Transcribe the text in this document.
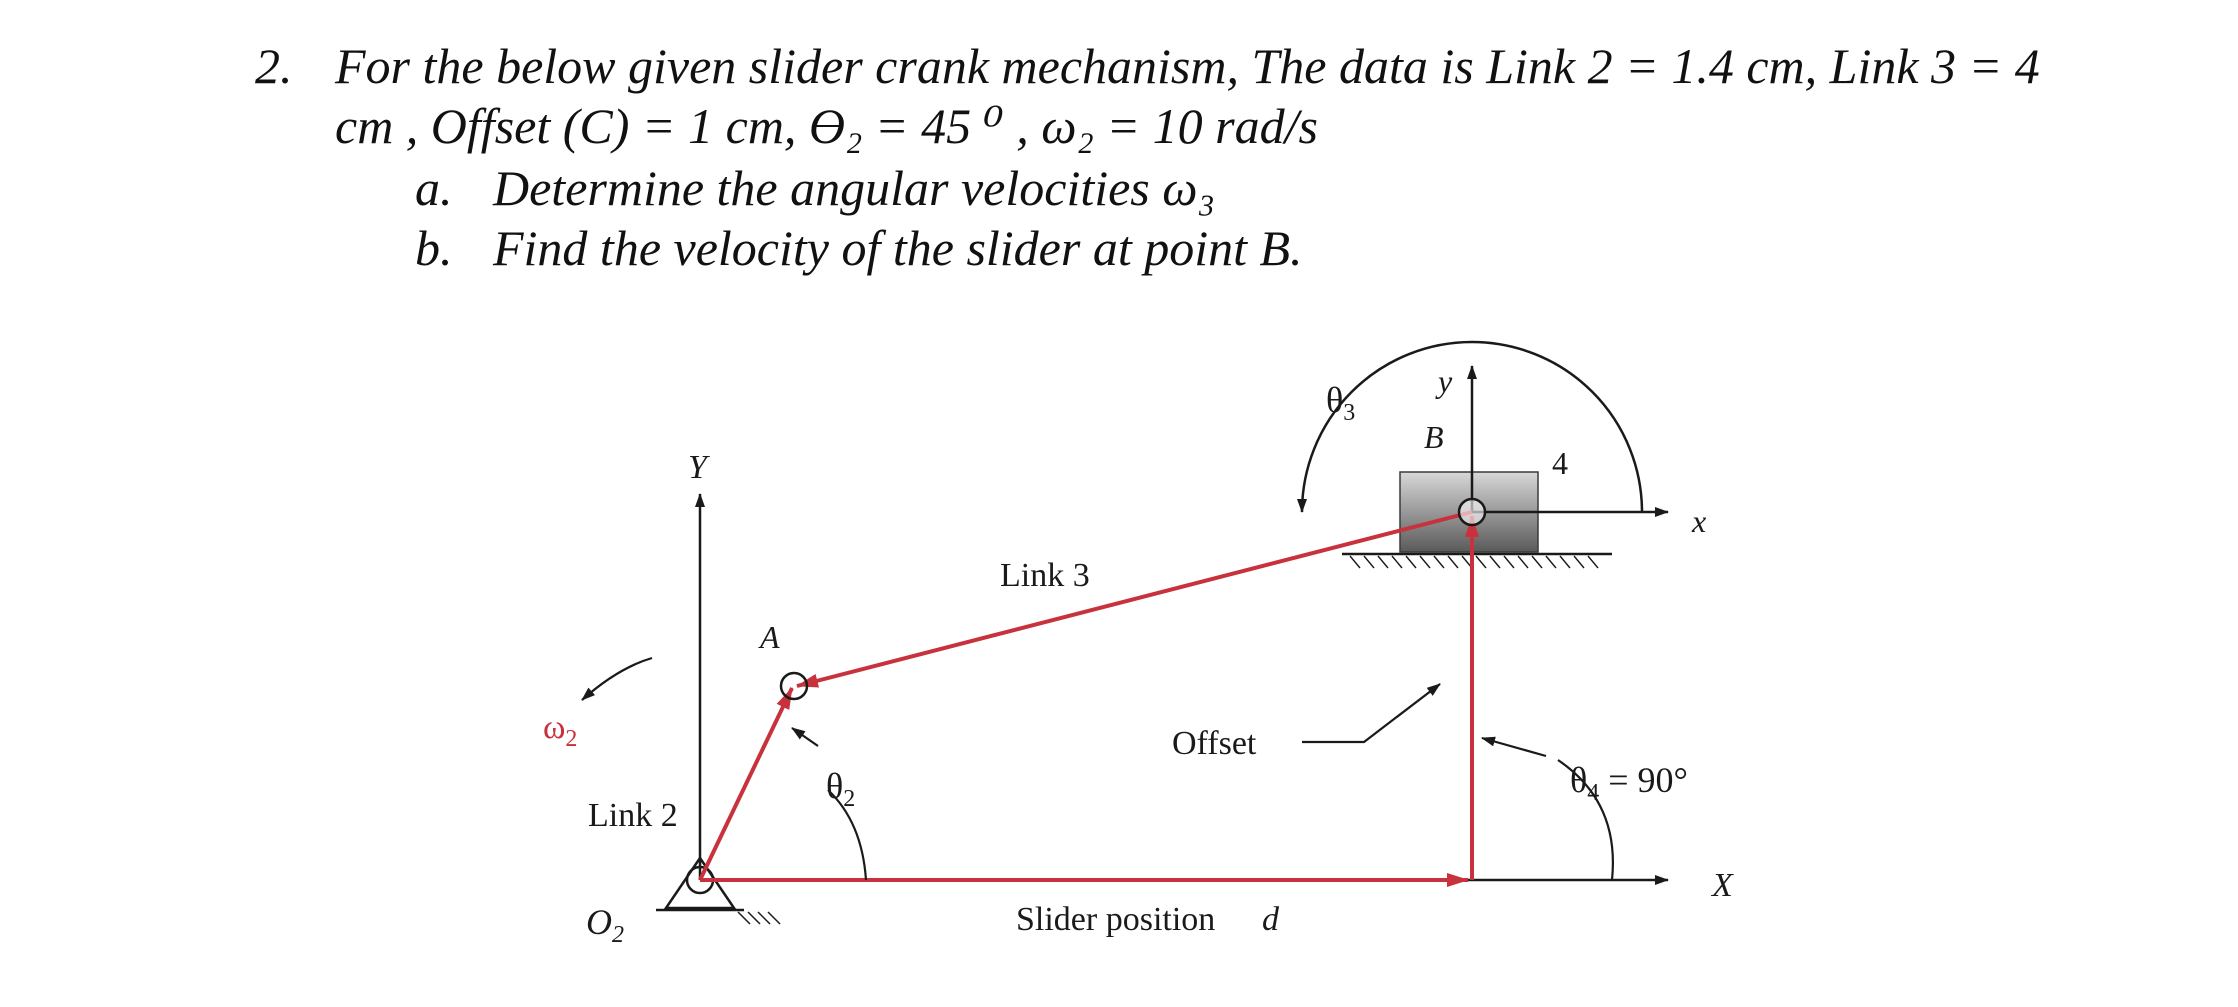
2. For the below given slider crank mechanism, The data is Link 2 = 1.4 cm, Link 3 = 4
cm , Offset (C) = 1 cm, ϴ₂ = 45 ⁰ , ω₂ = 10 rad/s
a. Determine the angular velocities ω₃
b. Find the velocity of the slider at point B.
Y
X
y
x
A
B
4
$\theta_3$
Link 3
Link 2
$\omega_2$
$\theta_2$
Offset
$\theta_4 = 90^\circ$
$O_2$	Slider position d
